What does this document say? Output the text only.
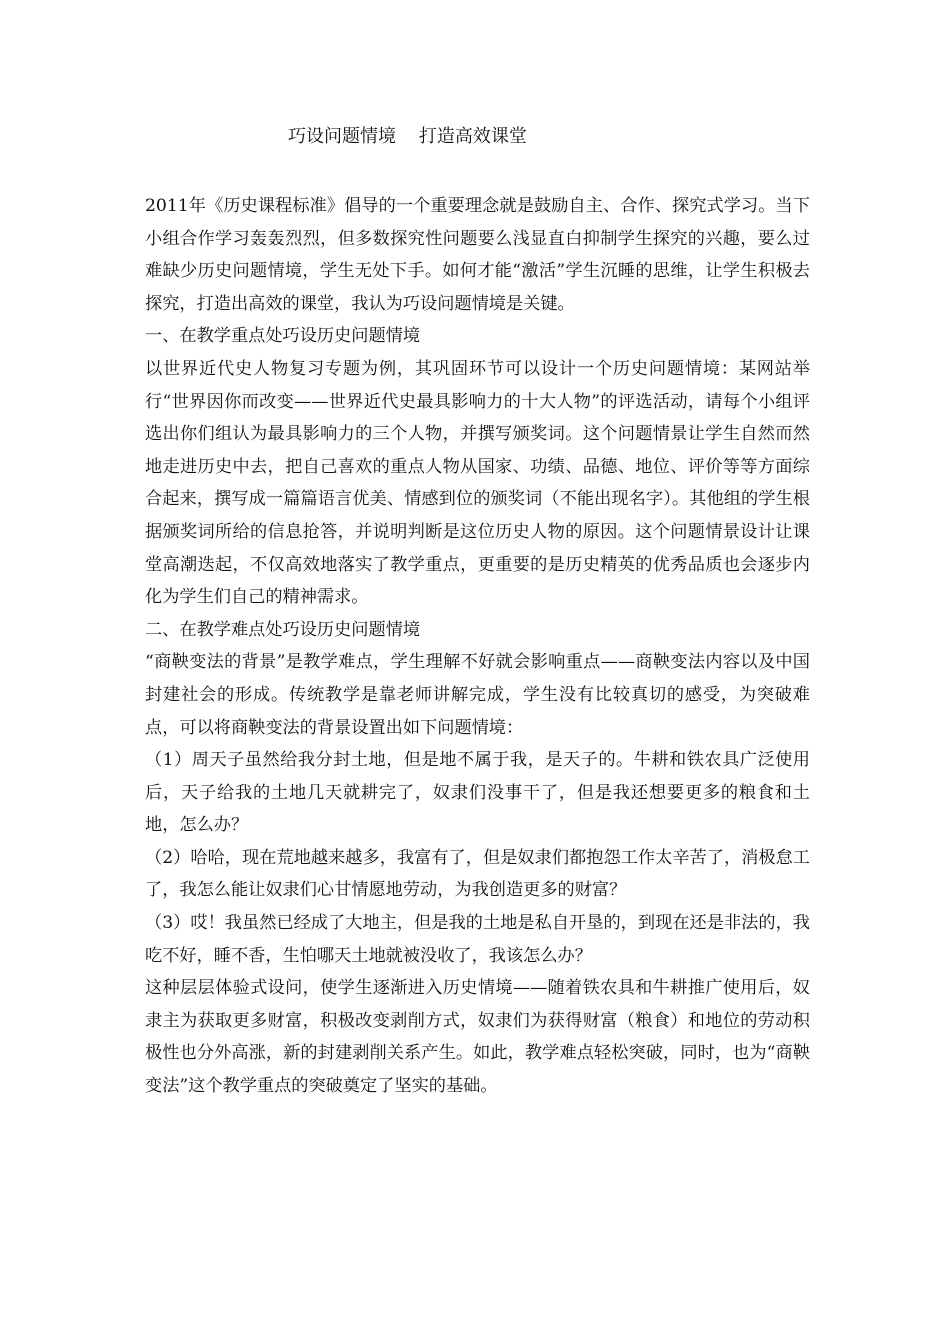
巧设问题情境    打造高效课堂

2011年《历史课程标准》倡导的一个重要理念就是鼓励自主、合作、探究式学习。当下小组合作学习轰轰烈烈，但多数探究性问题要么浅显直白抑制学生探究的兴趣，要么过难缺少历史问题情境，学生无处下手。如何才能“激活”学生沉睡的思维，让学生积极去探究，打造出高效的课堂，我认为巧设问题情境是关键。

一、在教学重点处巧设历史问题情境

以世界近代史人物复习专题为例，其巩固环节可以设计一个历史问题情境：某网站举行“世界因你而改变——世界近代史最具影响力的十大人物”的评选活动，请每个小组评选出你们组认为最具影响力的三个人物，并撰写颁奖词。这个问题情景让学生自然而然地走进历史中去，把自己喜欢的重点人物从国家、功绩、品德、地位、评价等等方面综合起来，撰写成一篇篇语言优美、情感到位的颁奖词（不能出现名字）。其他组的学生根据颁奖词所给的信息抢答，并说明判断是这位历史人物的原因。这个问题情景设计让课堂高潮迭起，不仅高效地落实了教学重点，更重要的是历史精英的优秀品质也会逐步内化为学生们自己的精神需求。

二、在教学难点处巧设历史问题情境

“商鞅变法的背景”是教学难点，学生理解不好就会影响重点——商鞅变法内容以及中国封建社会的形成。传统教学是靠老师讲解完成，学生没有比较真切的感受，为突破难点，可以将商鞅变法的背景设置出如下问题情境：

（1）周天子虽然给我分封土地，但是地不属于我，是天子的。牛耕和铁农具广泛使用后，天子给我的土地几天就耕完了，奴隶们没事干了，但是我还想要更多的粮食和土地，怎么办？

（2）哈哈，现在荒地越来越多，我富有了，但是奴隶们都抱怨工作太辛苦了，消极怠工了，我怎么能让奴隶们心甘情愿地劳动，为我创造更多的财富？

（3）哎！我虽然已经成了大地主，但是我的土地是私自开垦的，到现在还是非法的，我吃不好，睡不香，生怕哪天土地就被没收了，我该怎么办？

这种层层体验式设问，使学生逐渐进入历史情境——随着铁农具和牛耕推广使用后，奴隶主为获取更多财富，积极改变剥削方式，奴隶们为获得财富（粮食）和地位的劳动积极性也分外高涨，新的封建剥削关系产生。如此，教学难点轻松突破，同时，也为“商鞅变法”这个教学重点的突破奠定了坚实的基础。
